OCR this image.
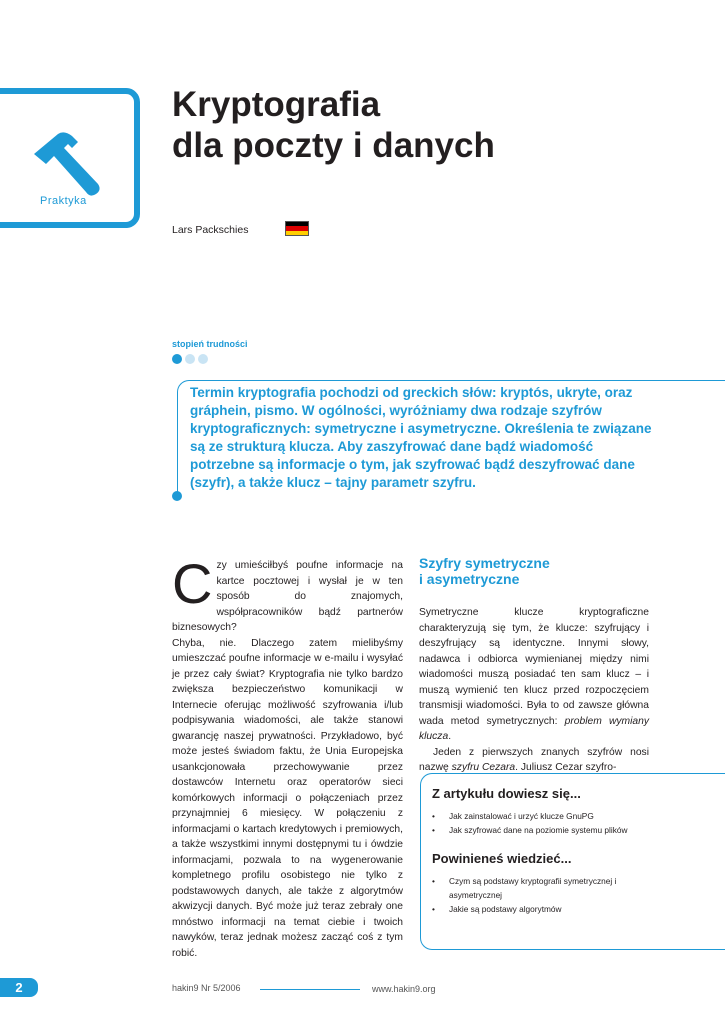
Praktyka
Kryptografia
dla poczty i danych
Lars Packschies
stopień trudności
Termin kryptografia pochodzi od greckich słów: kryptós, ukryte, oraz gráphein, pismo. W ogólności, wyróżniamy dwa rodzaje szyfrów kryptograficznych: symetryczne i asymetryczne. Określenia te związane są ze strukturą klucza. Aby zaszyfrować dane bądź wiadomość potrzebne są informacje o tym, jak szyfrować bądź deszyfrować dane (szyfr), a także klucz – tajny parametr szyfru.
Czy umieściłbyś poufne informacje na kartce pocztowej i wysłał je w ten sposób do znajomych, współpracowników bądź partnerów biznesowych?
Chyba, nie. Dlaczego zatem mielibyśmy umieszczać poufne informacje w e-mailu i wysyłać je przez cały świat? Kryptografia nie tylko bardzo zwiększa bezpieczeństwo komunikacji w Internecie oferując możliwość szyfrowania i/lub podpisywania wiadomości, ale także stanowi gwarancję naszej prywatności. Przykładowo, być może jesteś świadom faktu, że Unia Europejska usankcjonowała przechowywanie przez dostawców Internetu oraz operatorów sieci komórkowych informacji o połączeniach przez przynajmniej 6 miesięcy. W połączeniu z informacjami o kartach kredytowych i premiowych, a także wszystkimi innymi dostępnymi tu i ówdzie informacjami, pozwala to na wygenerowanie kompletnego profilu osobistego nie tylko z podstawowych danych, ale także z algorytmów akwizycji danych. Być może już teraz zebrały one mnóstwo informacji na temat ciebie i twoich nawyków, teraz jednak możesz zacząć coś z tym robić.
Szyfry symetryczne
i asymetryczne

Symetryczne klucze kryptograficzne charakteryzują się tym, że klucze: szyfrujący i deszyfrujący są identyczne. Innymi słowy, nadawca i odbiorca wymienianej między nimi wiadomości muszą posiadać ten sam klucz – i muszą wymienić ten klucz przed rozpoczęciem transmisji wiadomości. Była to od zawsze główna wada metod symetrycznych: problem wymiany klucza.

Jeden z pierwszych znanych szyfrów nosi nazwę szyfru Cezara. Juliusz Cezar szyfro-

Z artykułu dowiesz się...
• Jak zainstalować i urzyć klucze GnuPG
• Jak szyfrować dane na poziomie systemu plików
Powinieneś wiedzieć...
• Czym są podstawy kryptografii symetrycznej i asymetrycznej
• Jakie są podstawy algorytmów
2	hakin9 Nr 5/2006	www.hakin9.org
